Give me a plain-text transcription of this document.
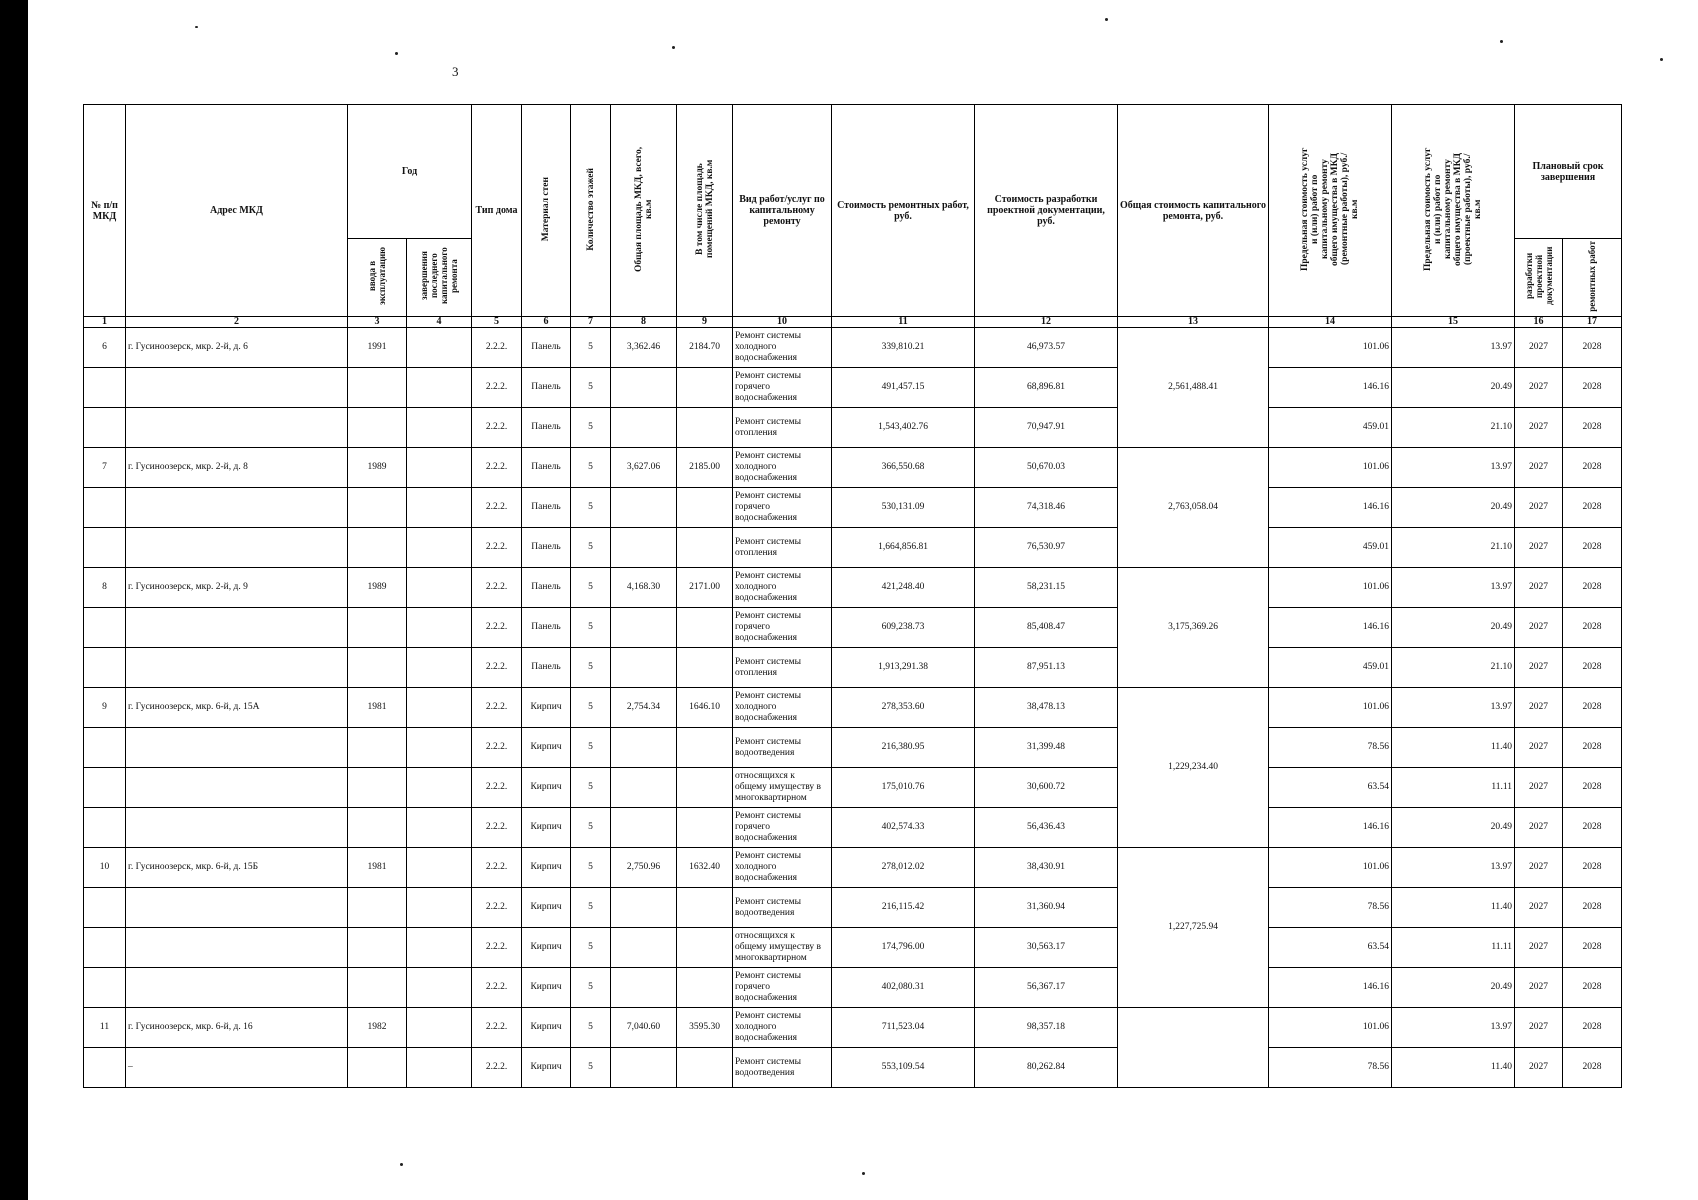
3
№ п/п МКД	Адрес МКД	Год		Тип дома	Материал стен	Количество этажей	Общая площадь МКД, всего, кв.м	В том числе площадь помещений МКД, кв.м	Вид работ/услуг по капитальному ремонту	Стоимость ремонтных работ, руб.	Стоимость разработки проектной документации, руб.	Общая стоимость капитального ремонта, руб.	Предельная стоимость услуг и (или) работ по капитальному ремонту общего имущества в МКД (ремонтные работы), руб./кв.м	Предельная стоимость услуг и (или) работ по капитальному ремонту общего имущества в МКД (проектные работы), руб./кв.м	Плановый срок завершения	
		ввода в эксплуатацию	завершения последнего капитального ремонта												разработки проектной документации	ремонтных работ
1	2	3	4	5	6	7	8	9	10	11	12	13	14	15	16	17
6	г. Гусиноозерск, мкр. 2-й, д. 6	1991		2.2.2.	Панель	5	3,362.46	2184.70	Ремонт системы холодного водоснабжения	339,810.21	46,973.57	2,561,488.41	101.06	13.97	2027	2028
				2.2.2.	Панель	5			Ремонт системы горячего водоснабжения	491,457.15	68,896.81		146.16	20.49	2027	2028
				2.2.2.	Панель	5			Ремонт системы отопления	1,543,402.76	70,947.91		459.01	21.10	2027	2028
7	г. Гусиноозерск, мкр. 2-й, д. 8	1989		2.2.2.	Панель	5	3,627.06	2185.00	Ремонт системы холодного водоснабжения	366,550.68	50,670.03	2,763,058.04	101.06	13.97	2027	2028
				2.2.2.	Панель	5			Ремонт системы горячего водоснабжения	530,131.09	74,318.46		146.16	20.49	2027	2028
				2.2.2.	Панель	5			Ремонт системы отопления	1,664,856.81	76,530.97		459.01	21.10	2027	2028
8	г. Гусиноозерск, мкр. 2-й, д. 9	1989		2.2.2.	Панель	5	4,168.30	2171.00	Ремонт системы холодного водоснабжения	421,248.40	58,231.15	3,175,369.26	101.06	13.97	2027	2028
				2.2.2.	Панель	5			Ремонт системы горячего водоснабжения	609,238.73	85,408.47		146.16	20.49	2027	2028
				2.2.2.	Панель	5			Ремонт системы отопления	1,913,291.38	87,951.13		459.01	21.10	2027	2028
9	г. Гусиноозерск, мкр. 6-й, д. 15А	1981		2.2.2.	Кирпич	5	2,754.34	1646.10	Ремонт системы холодного водоснабжения	278,353.60	38,478.13	1,229,234.40	101.06	13.97	2027	2028
				2.2.2.	Кирпич	5			Ремонт системы водоотведения	216,380.95	31,399.48		78.56	11.40	2027	2028
				2.2.2.	Кирпич	5			относящихся к общему имуществу в многоквартирном	175,010.76	30,600.72		63.54	11.11	2027	2028
				2.2.2.	Кирпич	5			Ремонт системы горячего водоснабжения	402,574.33	56,436.43		146.16	20.49	2027	2028
10	г. Гусиноозерск, мкр. 6-й, д. 15Б	1981		2.2.2.	Кирпич	5	2,750.96	1632.40	Ремонт системы холодного водоснабжения	278,012.02	38,430.91	1,227,725.94	101.06	13.97	2027	2028
				2.2.2.	Кирпич	5			Ремонт системы водоотведения	216,115.42	31,360.94		78.56	11.40	2027	2028
				2.2.2.	Кирпич	5			относящихся к общему имуществу в многоквартирном	174,796.00	30,563.17		63.54	11.11	2027	2028
				2.2.2.	Кирпич	5			Ремонт системы горячего водоснабжения	402,080.31	56,367.17		146.16	20.49	2027	2028
11	г. Гусиноозерск, мкр. 6-й, д. 16	1982		2.2.2.	Кирпич	5	7,040.60	3595.30	Ремонт системы холодного водоснабжения	711,523.04	98,357.18		101.06	13.97	2027	2028
	–			2.2.2.	Кирпич	5			Ремонт системы водоотведения	553,109.54	80,262.84		78.56	11.40	2027	2028
